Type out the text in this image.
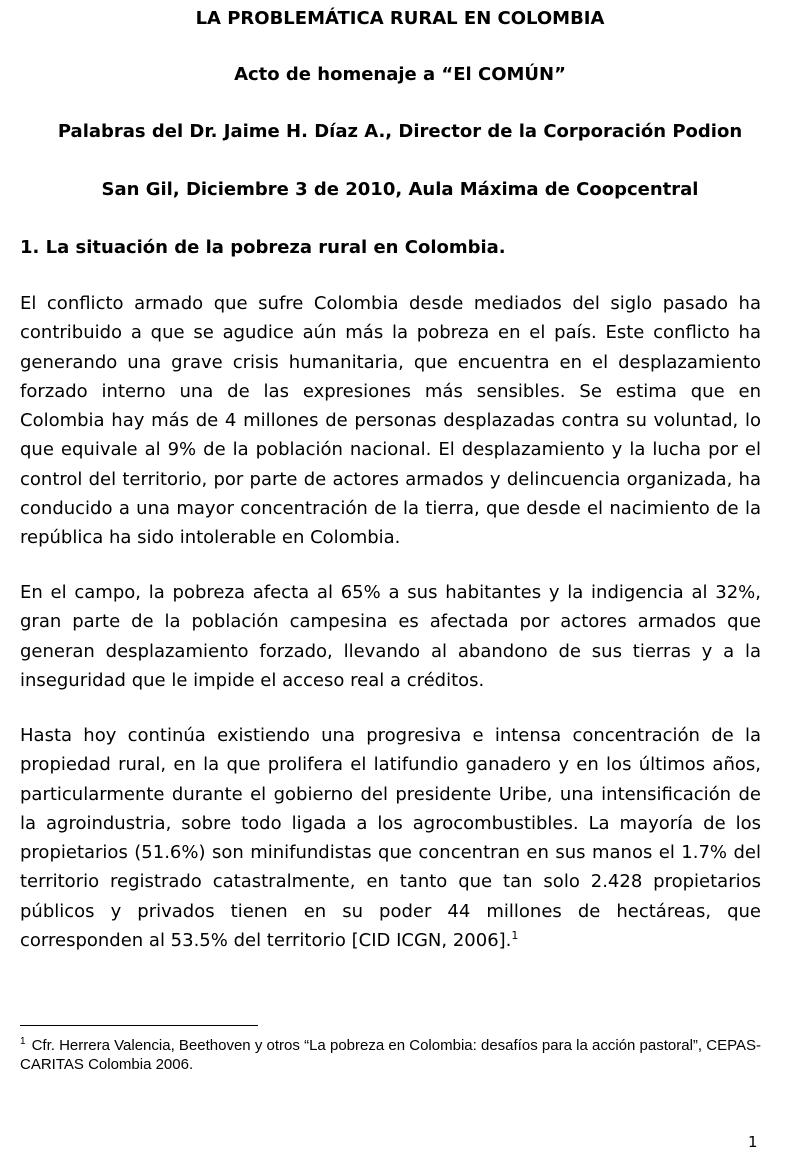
LA PROBLEMÁTICA RURAL EN COLOMBIA
Acto de homenaje a “El COMÚN”
Palabras del Dr. Jaime H. Díaz A., Director de la Corporación Podion
San Gil, Diciembre 3 de 2010, Aula Máxima de Coopcentral
1. La situación de la pobreza rural en Colombia.

El conflicto armado que sufre Colombia desde mediados del siglo pasado ha contribuido a que se agudice aún más la pobreza en el país. Este conflicto ha generando una grave crisis humanitaria, que encuentra en el desplazamiento forzado interno una de las expresiones más sensibles. Se estima que en Colombia hay más de 4 millones de personas desplazadas contra su voluntad, lo que equivale al 9% de la población nacional. El desplazamiento y la lucha por el control del territorio, por parte de actores armados y delincuencia organizada, ha conducido a una mayor concentración de la tierra, que desde el nacimiento de la república ha sido intolerable en Colombia.

En el campo, la pobreza afecta al 65% a sus habitantes y la indigencia al 32%, gran parte de la población campesina es afectada por actores armados que generan desplazamiento forzado, llevando al abandono de sus tierras y a la inseguridad que le impide el acceso real a créditos.

Hasta hoy continúa existiendo una progresiva e intensa concentración de la propiedad rural, en la que prolifera el latifundio ganadero y en los últimos años, particularmente durante el gobierno del presidente Uribe, una intensificación de la agroindustria, sobre todo ligada a los agrocombustibles. La mayoría de los propietarios (51.6%) son minifundistas que concentran en sus manos el 1.7% del territorio registrado catastralmente, en tanto que tan solo 2.428 propietarios públicos y privados tienen en su poder 44 millones de hectáreas, que corresponden al 53.5% del territorio [CID ICGN, 2006].$^1$

$^1$ Cfr. Herrera Valencia, Beethoven y otros “La pobreza en Colombia: desafíos para la acción pastoral”, CEPAS-CARITAS Colombia 2006.

1
